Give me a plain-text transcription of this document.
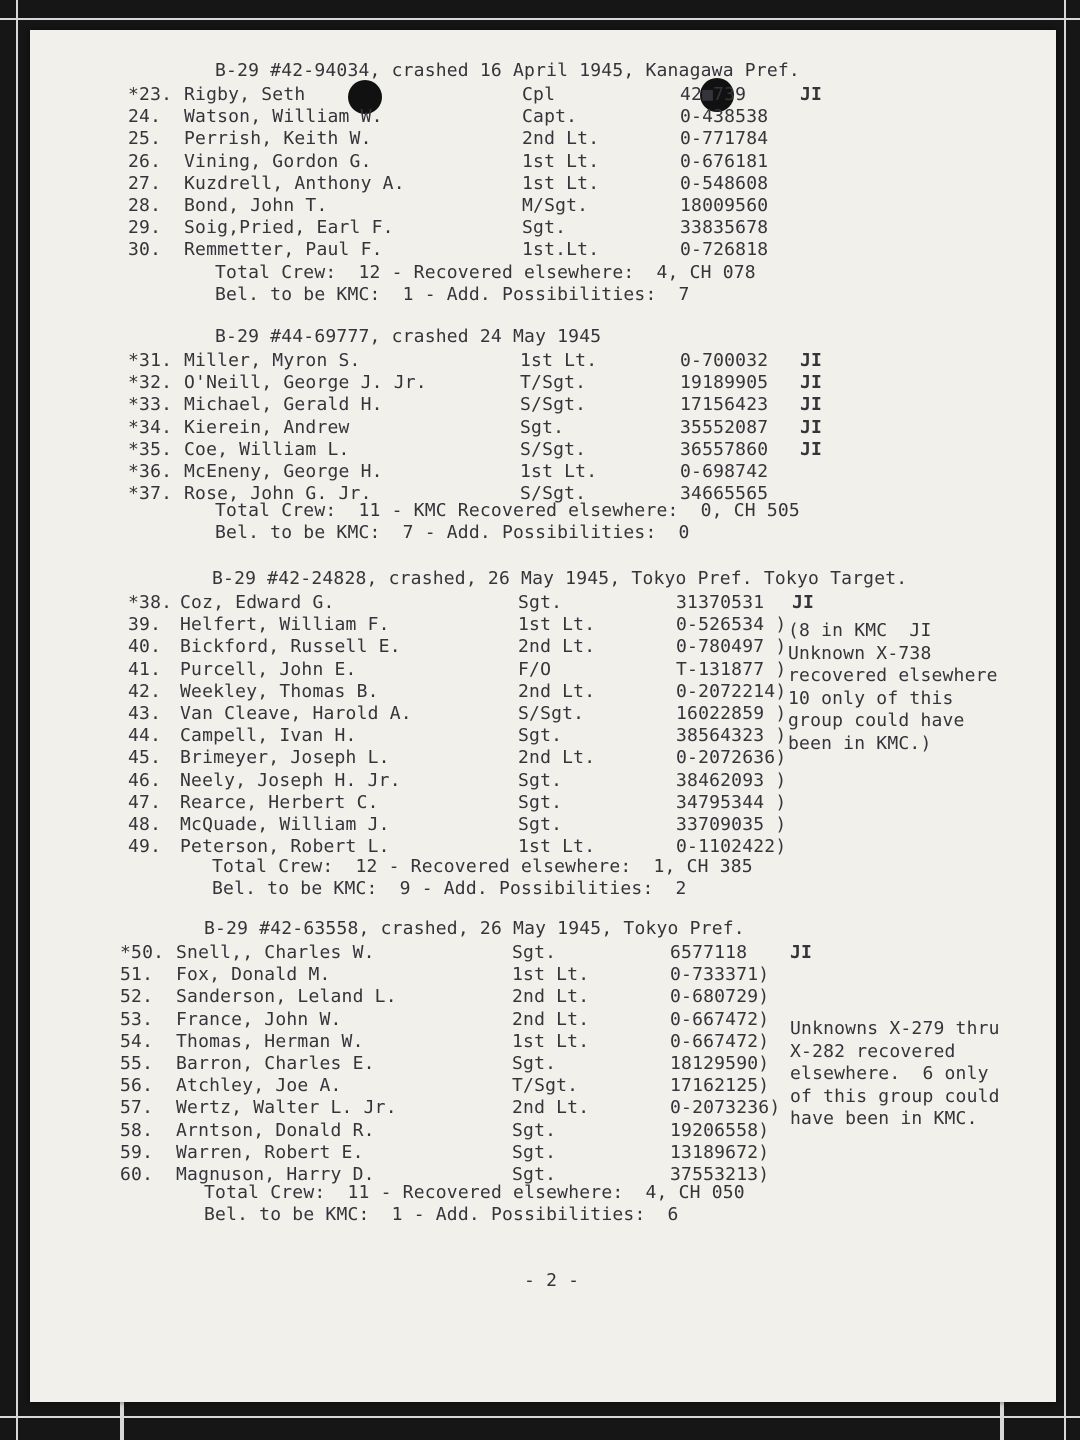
B-29 #42-94034, crashed 16 April 1945, Kanagawa Pref.
*23. Rigby, Seth	Cpl	42■739	JI
24. Watson, William W.	Capt.	0-438538
25. Perrish, Keith W.	2nd Lt.	0-771784
26. Vining, Gordon G.	1st Lt.	0-676181
27. Kuzdrell, Anthony A.	1st Lt.	0-548608
28. Bond, John T.	M/Sgt.	18009560
29. Soig,Pried, Earl F.	Sgt.	33835678
30. Remmetter, Paul F.	1st.Lt.	0-726818
Total Crew:  12 - Recovered elsewhere:  4, CH 078
Bel. to be KMC:  1 - Add. Possibilities:  7
B-29 #44-69777, crashed 24 May 1945
*31. Miller, Myron S.	1st Lt.	0-700032 JI
*32. O'Neill, George J. Jr.	T/Sgt.	19189905 JI
*33. Michael, Gerald H.	S/Sgt.	17156423 JI
*34. Kierein, Andrew	Sgt.	35552087 JI
*35. Coe, William L.	S/Sgt.	36557860 JI
*36. McEneny, George H.	1st Lt.	0-698742
*37. Rose, John G. Jr.	S/Sgt.	34665565
Total Crew:  11 - KMC Recovered elsewhere:  0, CH 505
Bel. to be KMC:  7 - Add. Possibilities:  0
B-29 #42-24828, crashed, 26 May 1945, Tokyo Pref. Tokyo Target.
*38. Coz, Edward G.	Sgt.	31370531 JI
39. Helfert, William F.	1st Lt.	0-526534 )
40. Bickford, Russell E.	2nd Lt.	0-780497 )
41. Purcell, John E.	F/O	T-131877 )
42. Weekley, Thomas B.	2nd Lt.	0-2072214)
43. Van Cleave, Harold A.	S/Sgt.	16022859 )
44. Campell, Ivan H.	Sgt.	38564323 )
45. Brimeyer, Joseph L.	2nd Lt.	0-2072636)
46. Neely, Joseph H. Jr.	Sgt.	38462093 )
47. Rearce, Herbert C.	Sgt.	34795344 )
48. McQuade, William J.	Sgt.	33709035 )
49. Peterson, Robert L.	1st Lt.	0-1102422)
(8 in KMC  JI
Unknown X-738
recovered elsewhere
10 only of this
group could have
been in KMC.)
Total Crew:  12 - Recovered elsewhere:  1, CH 385
Bel. to be KMC:  9 - Add. Possibilities:  2
B-29 #42-63558, crashed, 26 May 1945, Tokyo Pref.
*50. Snell,, Charles W.	Sgt.	6577118 JI
51. Fox, Donald M.	1st Lt.	0-733371)
52. Sanderson, Leland L.	2nd Lt.	0-680729)
53. France, John W.	2nd Lt.	0-667472)
54. Thomas, Herman W.	1st Lt.	0-667472)
55. Barron, Charles E.	Sgt.	18129590)
56. Atchley, Joe A.	T/Sgt.	17162125)
57. Wertz, Walter L. Jr.	2nd Lt.	0-2073236)
58. Arntson, Donald R.	Sgt.	19206558)
59. Warren, Robert E.	Sgt.	13189672)
60. Magnuson, Harry D.	Sgt.	37553213)
Unknowns X-279 thru
X-282 recovered
elsewhere.  6 only
of this group could
have been in KMC.
Total Crew:  11 - Recovered elsewhere:  4, CH 050
Bel. to be KMC:  1 - Add. Possibilities:  6
- 2 -
